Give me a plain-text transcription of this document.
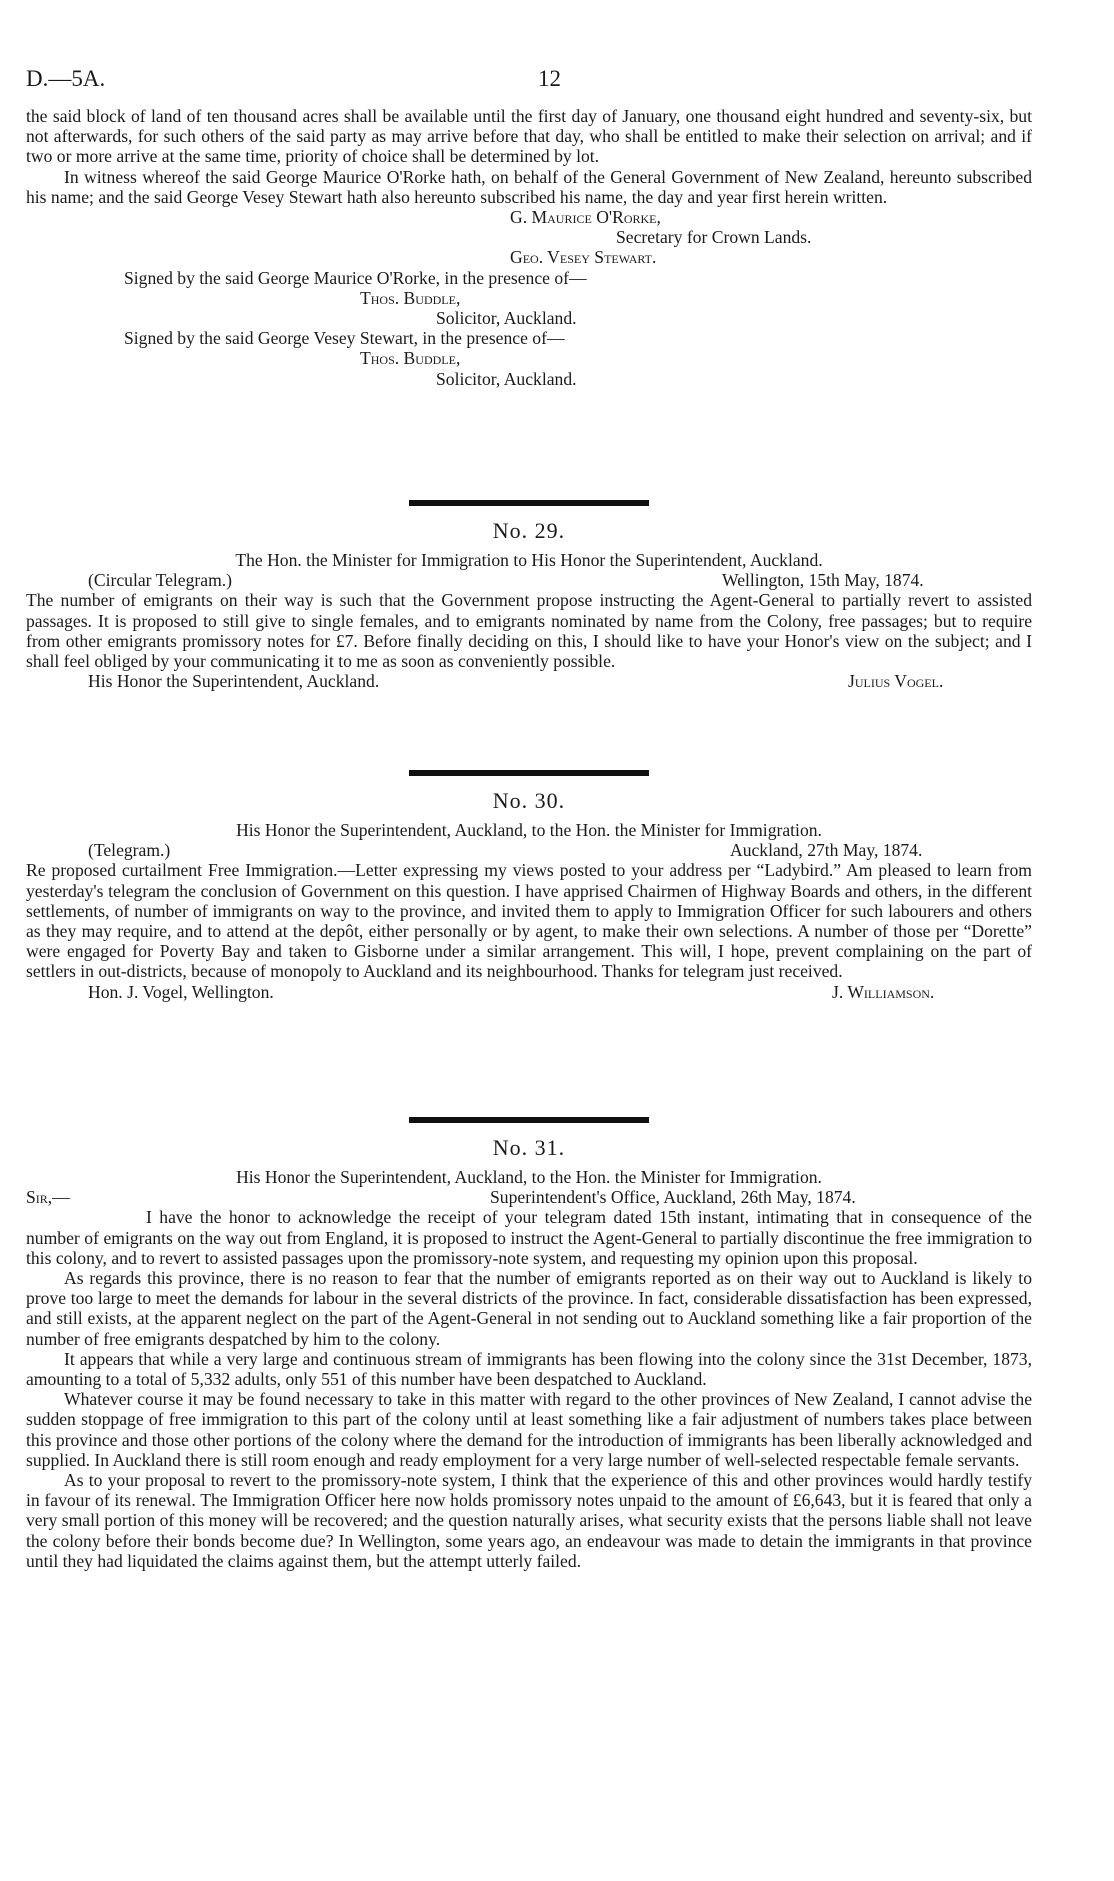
D.—5A.	12

the said block of land of ten thousand acres shall be available until the first day of January, one thousand eight hundred and seventy-six, but not afterwards, for such others of the said party as may arrive before that day, who shall be entitled to make their selection on arrival; and if two or more arrive at the same time, priority of choice shall be determined by lot.

In witness whereof the said George Maurice O'Rorke hath, on behalf of the General Government of New Zealand, hereunto subscribed his name; and the said George Vesey Stewart hath also hereunto subscribed his name, the day and year first herein written.

G. Maurice O'Rorke,
Secretary for Crown Lands.
Geo. Vesey Stewart.
Signed by the said George Maurice O'Rorke, in the presence of—
Thos. Buddle,
Solicitor, Auckland.
Signed by the said George Vesey Stewart, in the presence of—
Thos. Buddle,
Solicitor, Auckland.
No. 29.
The Hon. the Minister for Immigration to His Honor the Superintendent, Auckland.
(Circular Telegram.)	Wellington, 15th May, 1874.

The number of emigrants on their way is such that the Government propose instructing the Agent-General to partially revert to assisted passages. It is proposed to still give to single females, and to emigrants nominated by name from the Colony, free passages; but to require from other emigrants promissory notes for £7. Before finally deciding on this, I should like to have your Honor's view on the subject; and I shall feel obliged by your communicating it to me as soon as conveniently possible.

His Honor the Superintendent, Auckland.	Julius Vogel.
No. 30.
His Honor the Superintendent, Auckland, to the Hon. the Minister for Immigration.
(Telegram.)	Auckland, 27th May, 1874.

Re proposed curtailment Free Immigration.—Letter expressing my views posted to your address per “Ladybird.” Am pleased to learn from yesterday's telegram the conclusion of Government on this question. I have apprised Chairmen of Highway Boards and others, in the different settlements, of number of immigrants on way to the province, and invited them to apply to Immigration Officer for such labourers and others as they may require, and to attend at the depôt, either personally or by agent, to make their own selections. A number of those per “Dorette” were engaged for Poverty Bay and taken to Gisborne under a similar arrangement. This will, I hope, prevent complaining on the part of settlers in out-districts, because of monopoly to Auckland and its neighbourhood. Thanks for telegram just received.

Hon. J. Vogel, Wellington.	J. Williamson.
No. 31.
His Honor the Superintendent, Auckland, to the Hon. the Minister for Immigration.
Sir,—	Superintendent's Office, Auckland, 26th May, 1874.

I have the honor to acknowledge the receipt of your telegram dated 15th instant, intimating that in consequence of the number of emigrants on the way out from England, it is proposed to instruct the Agent-General to partially discontinue the free immigration to this colony, and to revert to assisted passages upon the promissory-note system, and requesting my opinion upon this proposal.

As regards this province, there is no reason to fear that the number of emigrants reported as on their way out to Auckland is likely to prove too large to meet the demands for labour in the several districts of the province. In fact, considerable dissatisfaction has been expressed, and still exists, at the apparent neglect on the part of the Agent-General in not sending out to Auckland something like a fair proportion of the number of free emigrants despatched by him to the colony.

It appears that while a very large and continuous stream of immigrants has been flowing into the colony since the 31st December, 1873, amounting to a total of 5,332 adults, only 551 of this number have been despatched to Auckland.

Whatever course it may be found necessary to take in this matter with regard to the other provinces of New Zealand, I cannot advise the sudden stoppage of free immigration to this part of the colony until at least something like a fair adjustment of numbers takes place between this province and those other portions of the colony where the demand for the introduction of immigrants has been liberally acknowledged and supplied. In Auckland there is still room enough and ready employment for a very large number of well-selected respectable female servants.

As to your proposal to revert to the promissory-note system, I think that the experience of this and other provinces would hardly testify in favour of its renewal. The Immigration Officer here now holds promissory notes unpaid to the amount of £6,643, but it is feared that only a very small portion of this money will be recovered; and the question naturally arises, what security exists that the persons liable shall not leave the colony before their bonds become due? In Wellington, some years ago, an endeavour was made to detain the immigrants in that province until they had liquidated the claims against them, but the attempt utterly failed.
